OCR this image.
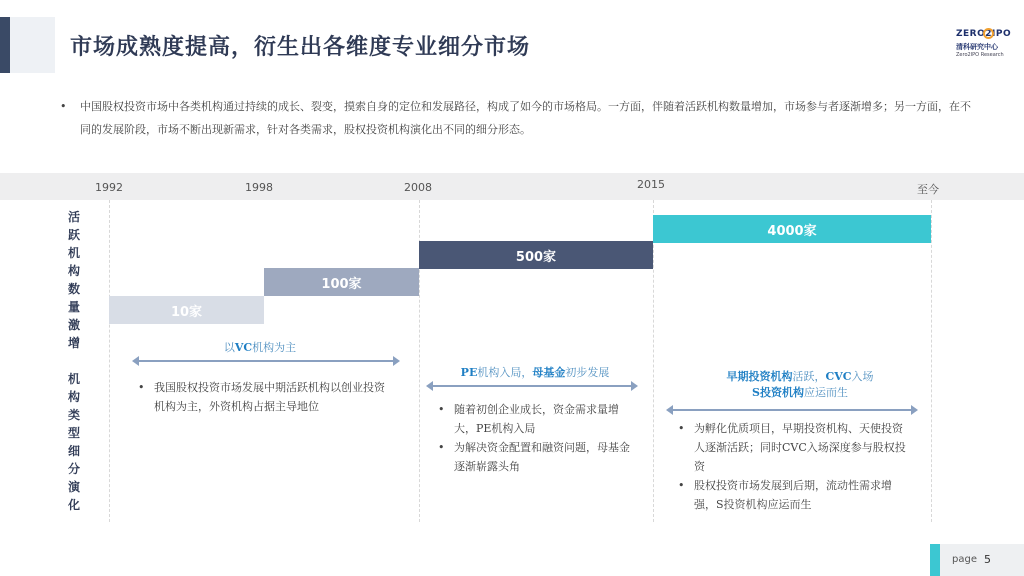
市场成熟度提高，衍生出各维度专业细分市场	ZERO2IPO
清科研究中心
Zero2IPO Research
•	中国股权投资市场中各类机构通过持续的成长、裂变，摸索自身的定位和发展路径，构成了如今的市场格局。一方面，伴随着活跃机构数量增加，市场参与者逐渐增多；另一方面，在不同的发展阶段，市场不断出现新需求，针对各类需求，股权投资机构演化出不同的细分形态。
1992	1998	2008	2015	至今
活
跃
机
构
数
量
激
增
机
构
类
型
细
分
演
化
10家
100家
500家
4000家
以VC机构为主
• 我国股权投资市场发展中期活跃机构以创业投资机构为主，外资机构占据主导地位
PE机构入局，母基金初步发展
• 随着初创企业成长，资金需求量增大，PE机构入局
• 为解决资金配置和融资问题，母基金逐渐崭露头角
早期投资机构活跃，CVC入场
S投资机构应运而生
• 为孵化优质项目，早期投资机构、天使投资人逐渐活跃；同时CVC入场深度参与股权投资
• 股权投资市场发展到后期，流动性需求增强，S投资机构应运而生
page 5
